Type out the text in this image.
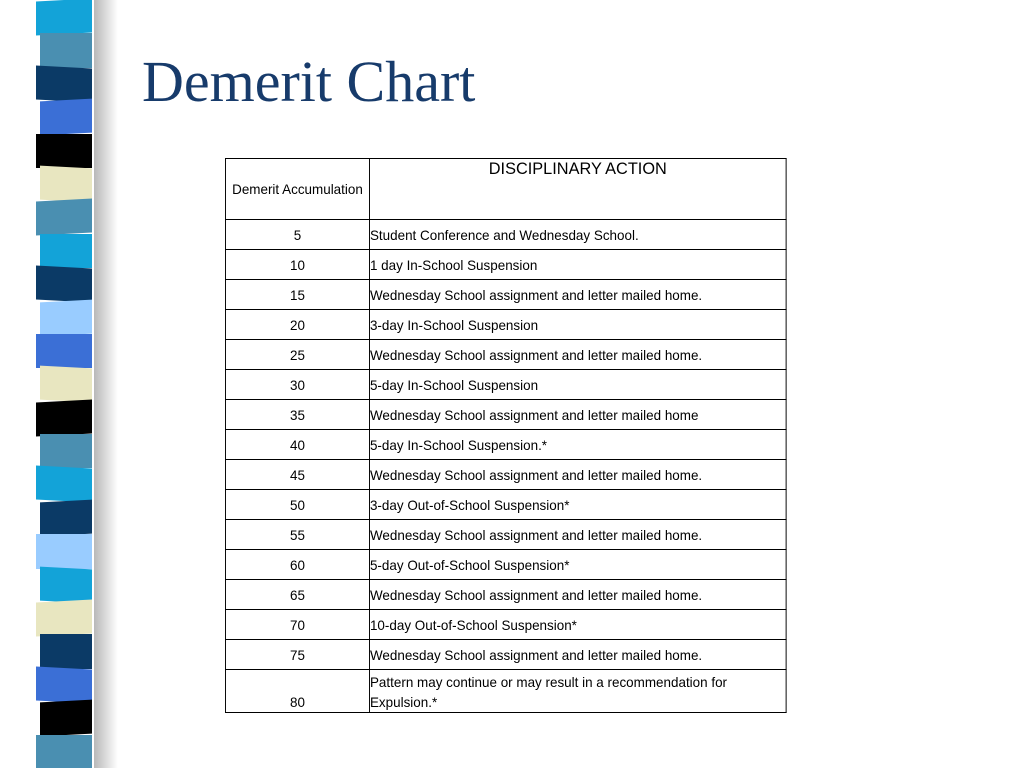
Demerit Chart
Demerit Accumulation	DISCIPLINARY ACTION
5	Student Conference and Wednesday School.
10	1 day In-School Suspension
15	Wednesday School assignment and letter mailed home.
20	3-day In-School Suspension
25	Wednesday School assignment and letter mailed home.
30	5-day In-School Suspension
35	Wednesday School assignment and letter mailed home
40	5-day In-School Suspension.*
45	Wednesday School assignment and letter mailed home.
50	3-day Out-of-School Suspension*
55	Wednesday School assignment and letter mailed home.
60	5-day Out-of-School Suspension*
65	Wednesday School assignment and letter mailed home.
70	10-day Out-of-School Suspension*
75	Wednesday School assignment and letter mailed home.
80	Pattern may continue or may result in a recommendation for Expulsion.*
